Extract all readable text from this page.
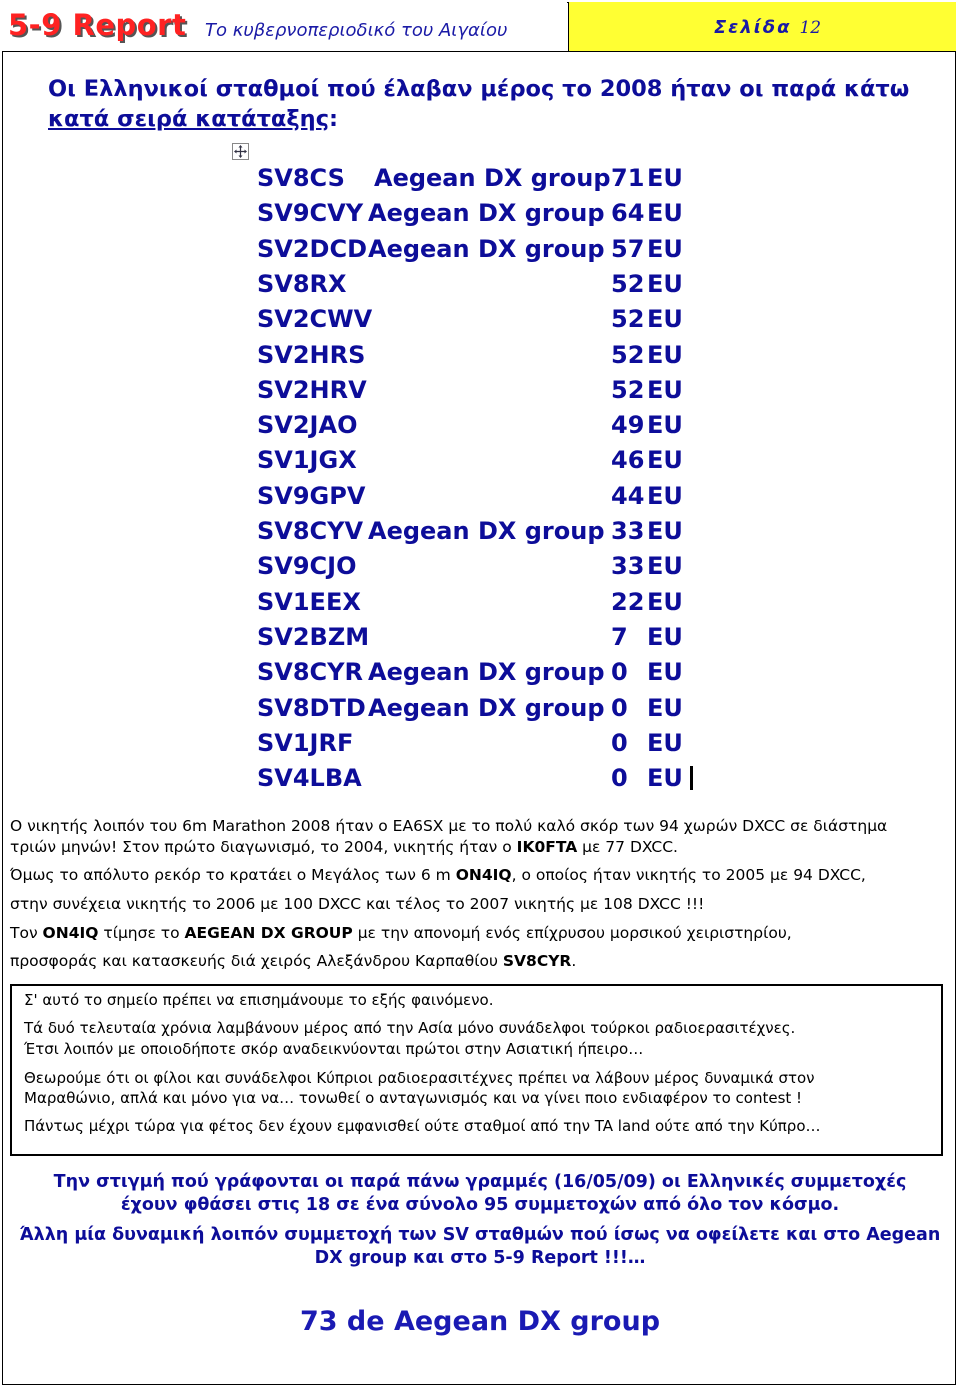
5-9 Report Το κυβερνοπεριοδικό του Αιγαίου	Σελίδα 12
Οι Ελληνικοί σταθμοί πού έλαβαν μέρος το 2008 ήταν οι παρά κάτω
κατά σειρά κατάταξης:
SV8CS Aegean DX group 71 EU
SV9CVY Aegean DX group 64 EU
SV2DCD Aegean DX group 57 EU
SV8RX	52 EU
SV2CWV	52 EU
SV2HRS	52 EU
SV2HRV	52 EU
SV2JAO	49 EU
SV1JGX	46 EU
SV9GPV	44 EU
SV8CYV Aegean DX group 33 EU
SV9CJO	33 EU
SV1EEX	22 EU
SV2BZM	7 EU
SV8CYR Aegean DX group 0 EU
SV8DTD Aegean DX group 0 EU
SV1JRF	0 EU
SV4LBA	0 EU
Ο νικητής λοιπόν του 6m Marathon 2008 ήταν ο EA6SX με το πολύ καλό σκόρ των 94 χωρών DXCC σε διάστημα
τριών μηνών! Στον πρώτο διαγωνισμό, το 2004, νικητής ήταν ο IK0FTA με 77 DXCC.
Όμως το απόλυτο ρεκόρ το κρατάει ο Μεγάλος των 6 m ON4IQ, ο οποίος ήταν νικητής το 2005 με 94 DXCC,
στην συνέχεια νικητής το 2006 με 100 DXCC και τέλος το 2007 νικητής με 108 DXCC !!!
Τον ON4IQ τίμησε το AEGEAN DX GROUP με την απονομή ενός επίχρυσου μορσικού χειριστηρίου,
προσφοράς και κατασκευής διά χειρός Αλεξάνδρου Καρπαθίου SV8CYR.
Σ' αυτό το σημείο πρέπει να επισημάνουμε το εξής φαινόμενο.
Τά δυό τελευταία χρόνια λαμβάνουν μέρος από την Ασία μόνο συνάδελφοι τούρκοι ραδιοερασιτέχνες.
Έτσι λοιπόν με οποιοδήποτε σκόρ αναδεικνύονται πρώτοι στην Ασιατική ήπειρο…
Θεωρούμε ότι οι φίλοι και συνάδελφοι Κύπριοι ραδιοερασιτέχνες πρέπει να λάβουν μέρος δυναμικά στον
Μαραθώνιο, απλά και μόνο για να… τονωθεί ο ανταγωνισμός και να γίνει ποιο ενδιαφέρον το contest !
Πάντως μέχρι τώρα για φέτος δεν έχουν εμφανισθεί ούτε σταθμοί από την TA land ούτε από την Κύπρο…
Την στιγμή πού γράφονται οι παρά πάνω γραμμές (16/05/09) οι Ελληνικές συμμετοχές
έχουν φθάσει στις 18 σε ένα σύνολο 95 συμμετοχών από όλο τον κόσμο.
Άλλη μία δυναμική λοιπόν συμμετοχή των SV σταθμών πού ίσως να οφείλετε και στο Aegean
DX group και στο 5-9 Report !!!…
73 de Aegean DX group
